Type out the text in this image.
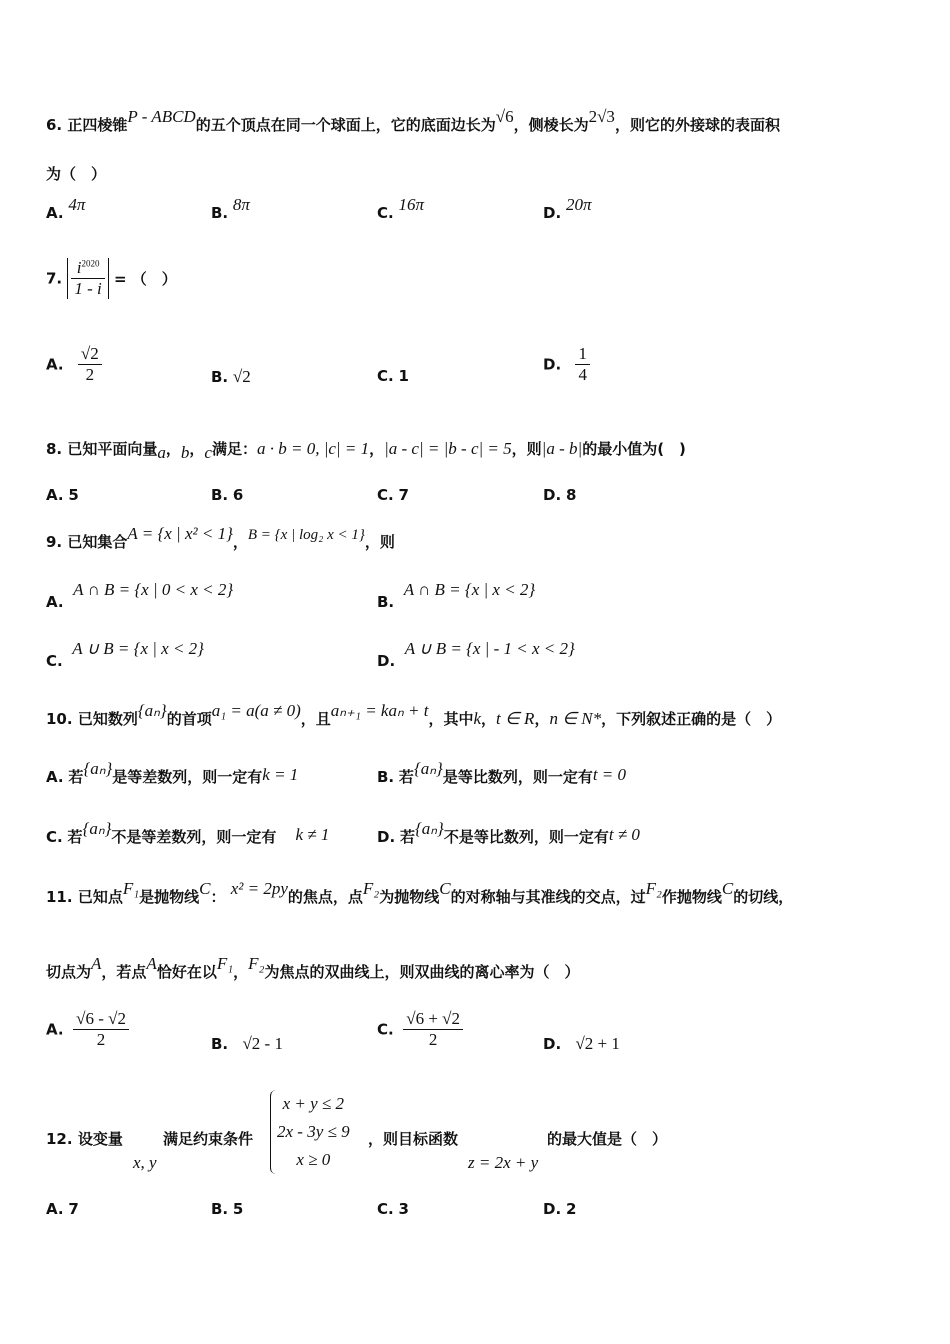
6. 正四棱锥P - ABCD的五个顶点在同一个球面上，它的底面边长为√6，侧棱长为2√3，则它的外接球的表面积
为（　）
A. 4π	B. 8π	C. 16π	D. 20π
7. $\frac{i^{2020}}{1 - i}$ = （　）
A. $\frac{√2}{2}$	B. √2	C. 1
D. $\frac{1}{4}$
8. 已知平面向量a，b，c满足：a · b = 0, |c| = 1，|a - c| = |b - c| = 5，则|a - b|的最小值为(　)
A. 5	B. 6	C. 7	D. 8
9. 已知集合A = {x | x² < 1}，B = {x | log₂ x < 1}，则
A.  A ∩ B = {x | 0 < x < 2}
B.  A ∩ B = {x | x < 2}
C.  A ∪ B = {x | x < 2}
D.  A ∪ B = {x | - 1 < x < 2}
10. 已知数列{aₙ}的首项a₁ = a(a ≠ 0)，且aₙ₊₁ = kaₙ + t，其中k，t ∈ R，n ∈ N*，下列叙述正确的是（　）
A. 若{aₙ}是等差数列，则一定有k = 1	B. 若{aₙ}是等比数列，则一定有t = 0
C. 若{aₙ}不是等差数列，则一定有 k ≠ 1	D. 若{aₙ}不是等比数列，则一定有t ≠ 0
11. 已知点F₁是抛物线C： x² = 2py的焦点，点F₂为抛物线C的对称轴与其准线的交点，过F₂作抛物线C的切线，
切点为A，若点A恰好在以F₁，F₂为焦点的双曲线上，则双曲线的离心率为（　）
A. $\frac{√6 - √2}{2}$	B. √2 - 1
C. $\frac{√6 + √2}{2}$	D. √2 + 1
12. 设变量
x, y
满足约束条件
x + y ≤ 2
2x - 3y ≤ 9
x ≥ 0
，则目标函数
z = 2x + y
的最大值是（　）
A. 7	B. 5	C. 3	D. 2
